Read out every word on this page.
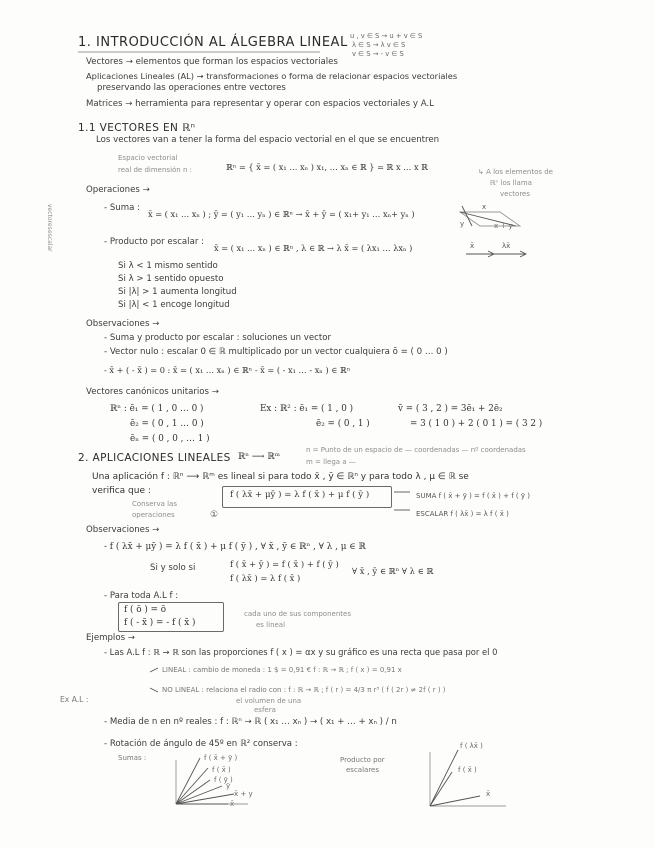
1. INTRODUCCIÓN AL ÁLGEBRA LINEAL u , v ∈ S → u + v ∈ S
λ ∈ S → λ v ∈ S
v ∈ S → - v ∈ S
Vectores → elementos que forman los espacios vectoriales
Aplicaciones Lineales (AL) → transformaciones o forma de relacionar espacios vectoriales
preservando las operaciones entre vectores
Matrices → herramienta para representar y operar con espacios vectoriales y A.L
1.1 VECTORES EN ℝⁿ
Los vectores van a tener la forma del espacio vectorial en el que se encuentren
Espacio vectorial
real de dimensión n :	ℝⁿ = { x̄ = ( x₁ … xₙ ) x₁, … xₙ ∈ ℝ } = ℝ x … x ℝ	↳ A los elementos de
ℝⁿ los llama
vectores
vectores
escalar
Operaciones →
- Suma :
x̄ = ( x₁ … xₙ ) ; ȳ = ( y₁ … yₙ ) ∈ ℝⁿ → x̄ + ȳ = ( x₁+ y₁ … xₙ+ yₙ )
x
y	x + y
- Producto por escalar :
x̄ = ( x₁ … xₙ ) ∈ ℝⁿ , λ ∈ ℝ → λ x̄ = ( λx₁ … λxₙ )	x̄	λx̄
Si λ < 1 mismo sentido
Si λ > 1 sentido opuesto
Si |λ| > 1 aumenta longitud
Si |λ| < 1 encoge longitud
Observaciones →
- Suma y producto por escalar : soluciones un vector
- Vector nulo : escalar 0 ∈ ℝ multiplicado por un vector cualquiera ō = ( 0 … 0 )
- x̄ + ( - x̄ ) = 0 : x̄ = ( x₁ … xₙ ) ∈ ℝⁿ - x̄ = ( - x₁ … - xₙ ) ∈ ℝⁿ
Vectores canónicos unitarios →
ℝⁿ : ē₁ = ( 1 , 0 … 0 )
ē₂ = ( 0 , 1 … 0 )
ēₙ = ( 0 , 0 , … 1 )
Ex : ℝ² : ē₁ = ( 1 , 0 )
ē₂ = ( 0 , 1 )
v̄ = ( 3 , 2 ) = 3ē₁ + 2ē₂
= 3 ( 1 0 ) + 2 ( 0 1 ) = ( 3 2 )
2. APLICACIONES LINEALES ℝⁿ ⟶ ℝᵐ
n = Punto de un espacio de — coordenadas — nº coordenadas
m = llega a —
Una aplicación f : ℝⁿ ⟶ ℝᵐ es lineal si para todo x̄ , ȳ ∈ ℝⁿ y para todo λ , μ ∈ ℝ se
verifica que :
Conserva las
operaciones
f ( λx̄ + μȳ ) = λ f ( x̄ ) + μ f ( ȳ )
①
SUMA f ( x̄ + ȳ ) = f ( x̄ ) + f ( ȳ )
ESCALAR f ( λx̄ ) = λ f ( x̄ )
Observaciones →
- f ( λx̄ + μȳ ) = λ f ( x̄ ) + μ f ( ȳ ) , ∀ x̄ , ȳ ∈ ℝⁿ , ∀ λ , μ ∈ ℝ
Si y solo si	f ( x̄ + ȳ ) = f ( x̄ ) + f ( ȳ )
f ( λx̄ ) = λ f ( x̄ )
∀ x̄ , ȳ ∈ ℝⁿ ∀ λ ∈ ℝ
- Para toda A.L f :
f ( ō ) = ō
f ( - x̄ ) = - f ( x̄ )
cada uno de sus componentes
es lineal
Ejemplos →
- Las A.L f : ℝ → ℝ son las proporciones f ( x ) = αx y su gráfico es una recta que pasa por el 0
LINEAL : cambio de moneda : 1 $ = 0,91 € f : ℝ → ℝ ; f ( x ) = 0,91 x
NO LINEAL : relaciona el radio con : f : ℝ → ℝ ; f ( r ) = 4/3 π r³ ( f ( 2r ) ≠ 2f ( r ) )
el volumen de una
esfera
Ex A.L :
- Media de n en nº reales : f : ℝⁿ → ℝ ( x₁ … xₙ ) → ( x₁ + … + xₙ ) / n
- Rotación de ángulo de 45º en ℝ² conserva :
Sumas :	f ( x̄ + ȳ )
f ( x̄ )
f ( ȳ )
ȳ
x̄ + y
x̄
Producto por
escalares
f ( λx̄ )
f ( x̄ )
x̄
